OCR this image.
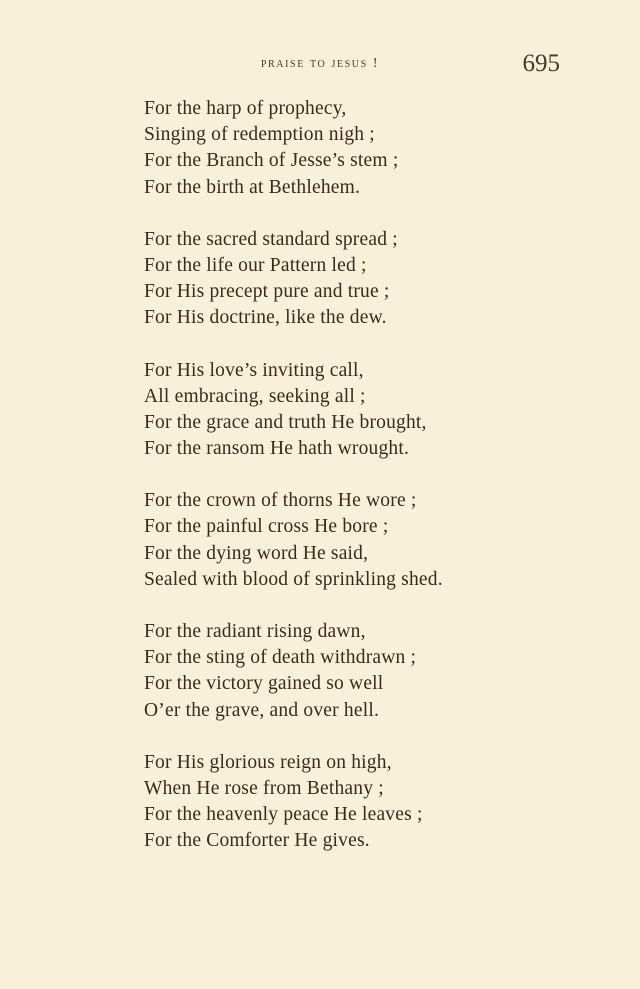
praise to jesus !	695
For the harp of prophecy,
Singing of redemption nigh ;
For the Branch of Jesse’s stem ;
For the birth at Bethlehem.
For the sacred standard spread ;
For the life our Pattern led ;
For His precept pure and true ;
For His doctrine, like the dew.
For His love’s inviting call,
All embracing, seeking all ;
For the grace and truth He brought,
For the ransom He hath wrought.
For the crown of thorns He wore ;
For the painful cross He bore ;
For the dying word He said,
Sealed with blood of sprinkling shed.
For the radiant rising dawn,
For the sting of death withdrawn ;
For the victory gained so well
O’er the grave, and over hell.
For His glorious reign on high,
When He rose from Bethany ;
For the heavenly peace He leaves ;
For the Comforter He gives.
